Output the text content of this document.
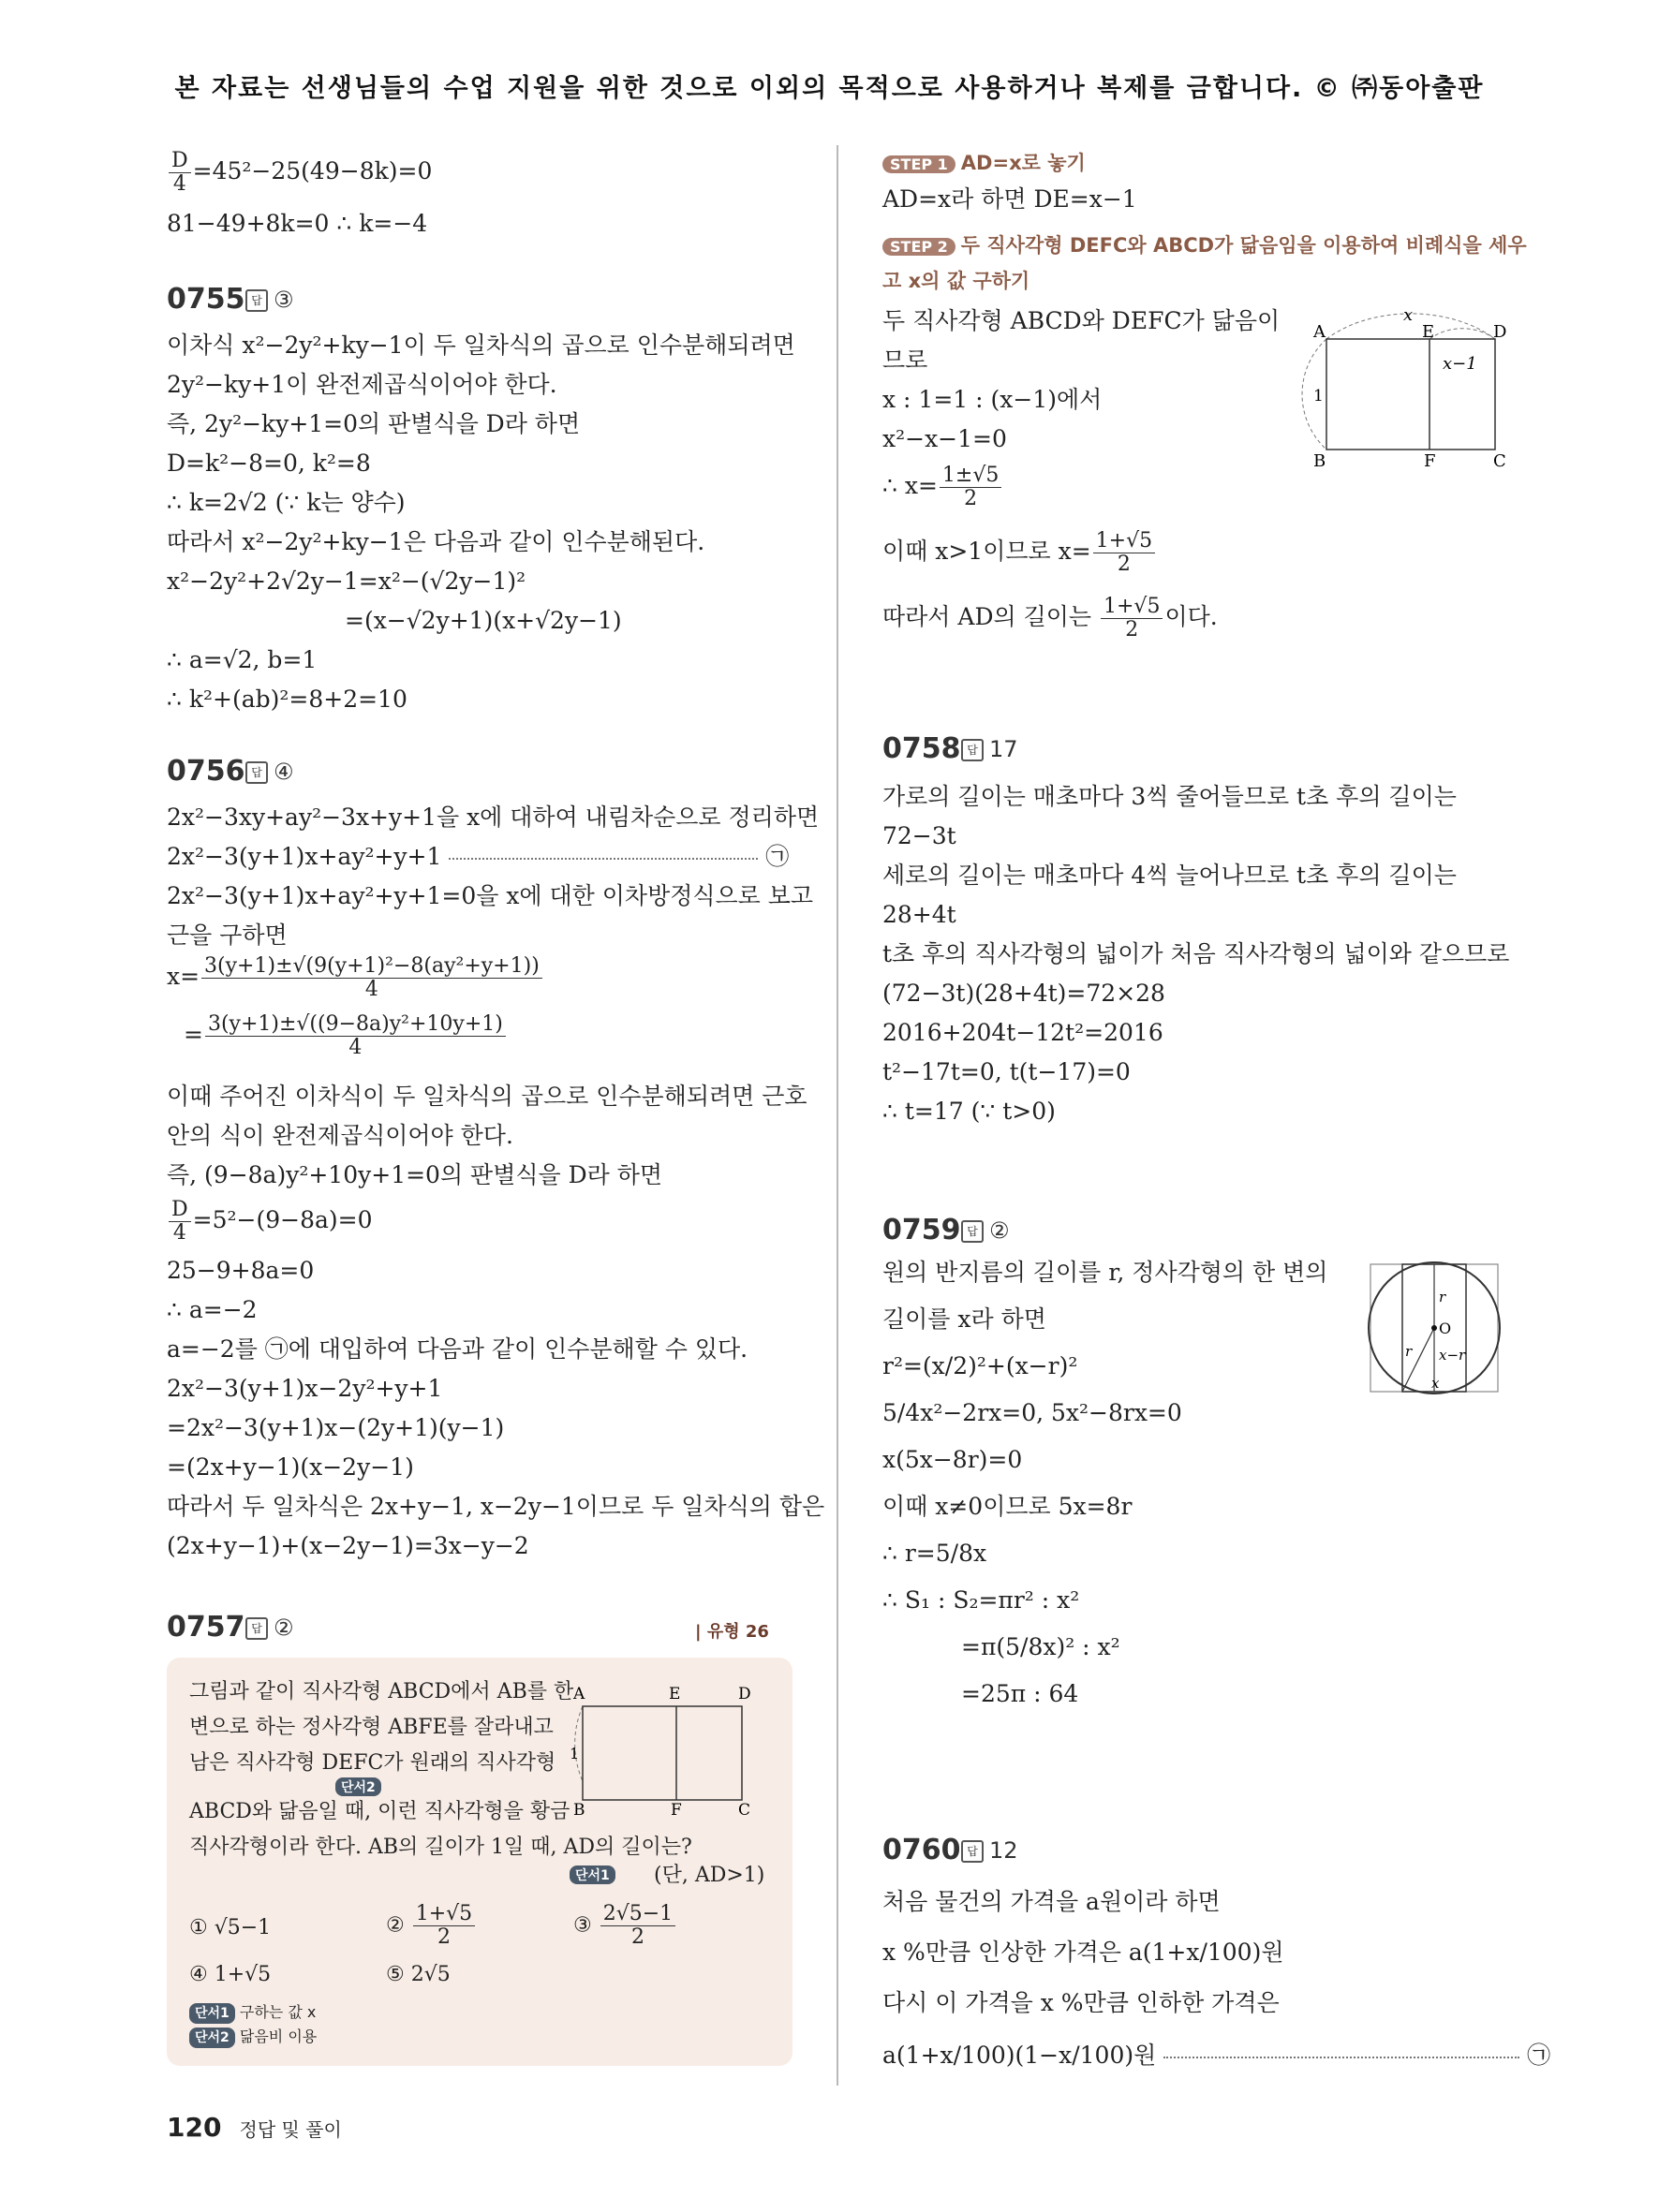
본 자료는 선생님들의 수업 지원을 위한 것으로 이외의 목적으로 사용하거나 복제를 금합니다. © ㈜동아출판
$\frac{D}{4} =45^2-25(49-8k)=0$
81−49+8k=0 ∴ k=−4
0755 답 ③
이차식 x²−2y²+ky−1이 두 일차식의 곱으로 인수분해되려면
2y²−ky+1이 완전제곱식이어야 한다.
즉, 2y²−ky+1=0의 판별식을 D라 하면
D=k²−8=0, k²=8
∴ k=2√2 (∵ k는 양수)
따라서 x²−2y²+ky−1은 다음과 같이 인수분해된다.
x²−2y²+2√2y−1=x²−(√2y−1)²
=(x−√2y+1)(x+√2y−1)
∴ a=√2, b=1
∴ k²+(ab)²=8+2=10
0756 답 ④
2x²−3xy+ay²−3x+y+1을 x에 대하여 내림차순으로 정리하면
2x²−3(y+1)x+ay²+y+1	㉠
2x²−3(y+1)x+ay²+y+1=0을 x에 대한 이차방정식으로 보고
근을 구하면
$x= \frac{\text{3(y+1)±√(9(y+1)²−8(ay²+y+1))}}{4}$
= $\frac{\text{3(y+1)±√((9−8a)y²+10y+1)}}{4}$
이때 주어진 이차식이 두 일차식의 곱으로 인수분해되려면 근호
안의 식이 완전제곱식이어야 한다.
즉, (9−8a)y²+10y+1=0의 판별식을 D라 하면
$\frac{D}{4} =5^2-(9-8a)=0$
25−9+8a=0
∴ a=−2
a=−2를 ㉠에 대입하여 다음과 같이 인수분해할 수 있다.
2x²−3(y+1)x−2y²+y+1
=2x²−3(y+1)x−(2y+1)(y−1)
=(2x+y−1)(x−2y−1)
따라서 두 일차식은 2x+y−1, x−2y−1이므로 두 일차식의 합은
(2x+y−1)+(x−2y−1)=3x−y−2
0757 답 ②	| 유형 26
그림과 같이 직사각형 ABCD에서 AB를 한
변으로 하는 정사각형 ABFE를 잘라내고
남은 직사각형 DEFC가 원래의 직사각형
단서2
ABCD와 닮음일 때, 이런 직사각형을 황금
직사각형이라 한다. AB의 길이가 1일 때, AD의 길이는?
단서1 (단, AD>1)
A	E	D
B	F	C
1
① √5−1	② $\frac{1+√5}{2}$	③ $\frac{2√5-1}{2}$
④ 1+√5	⑤ 2√5
단서1 구하는 값 x
단서2 닮음비 이용
STEP 1 AD=x로 놓기
AD=x라 하면 DE=x−1
STEP 2 두 직사각형 DEFC와 ABCD가 닮음임을 이용하여 비례식을 세우
고 x의 값 구하기
두 직사각형 ABCD와 DEFC가 닮음이
므로
x : 1=1 : (x−1)에서
x²−x−1=0
∴ $x= \frac{1\pm√5}{2}$
이때 x>1이므로 $x= \frac{1+√5}{2}$
따라서 AD의 길이는 $\frac{1+√5}{2}$ 이다.
x
x−1
1
A	E	D
B	F	C
0758 답 17
가로의 길이는 매초마다 3씩 줄어들므로 t초 후의 길이는
72−3t
세로의 길이는 매초마다 4씩 늘어나므로 t초 후의 길이는
28+4t
t초 후의 직사각형의 넓이가 처음 직사각형의 넓이와 같으므로
(72−3t)(28+4t)=72×28
2016+204t−12t²=2016
t²−17t=0, t(t−17)=0
∴ t=17 (∵ t>0)
0759 답 ②
원의 반지름의 길이를 r, 정사각형의 한 변의
길이를 x라 하면
r²=(x/2)²+(x−r)²
5/4x²−2rx=0, 5x²−8rx=0
x(5x−8r)=0
이때 x≠0이므로 5x=8r
∴ r=5/8x
∴ S₁ : S₂=πr² : x²
=π(5/8x)² : x²
=25π : 64
O
r
r x−r
x
0760 답 12
처음 물건의 가격을 a원이라 하면
x %만큼 인상한 가격은 a(1+x/100)원
다시 이 가격을 x %만큼 인하한 가격은
a(1+x/100)(1−x/100)원	㉠
120 정답 및 풀이
